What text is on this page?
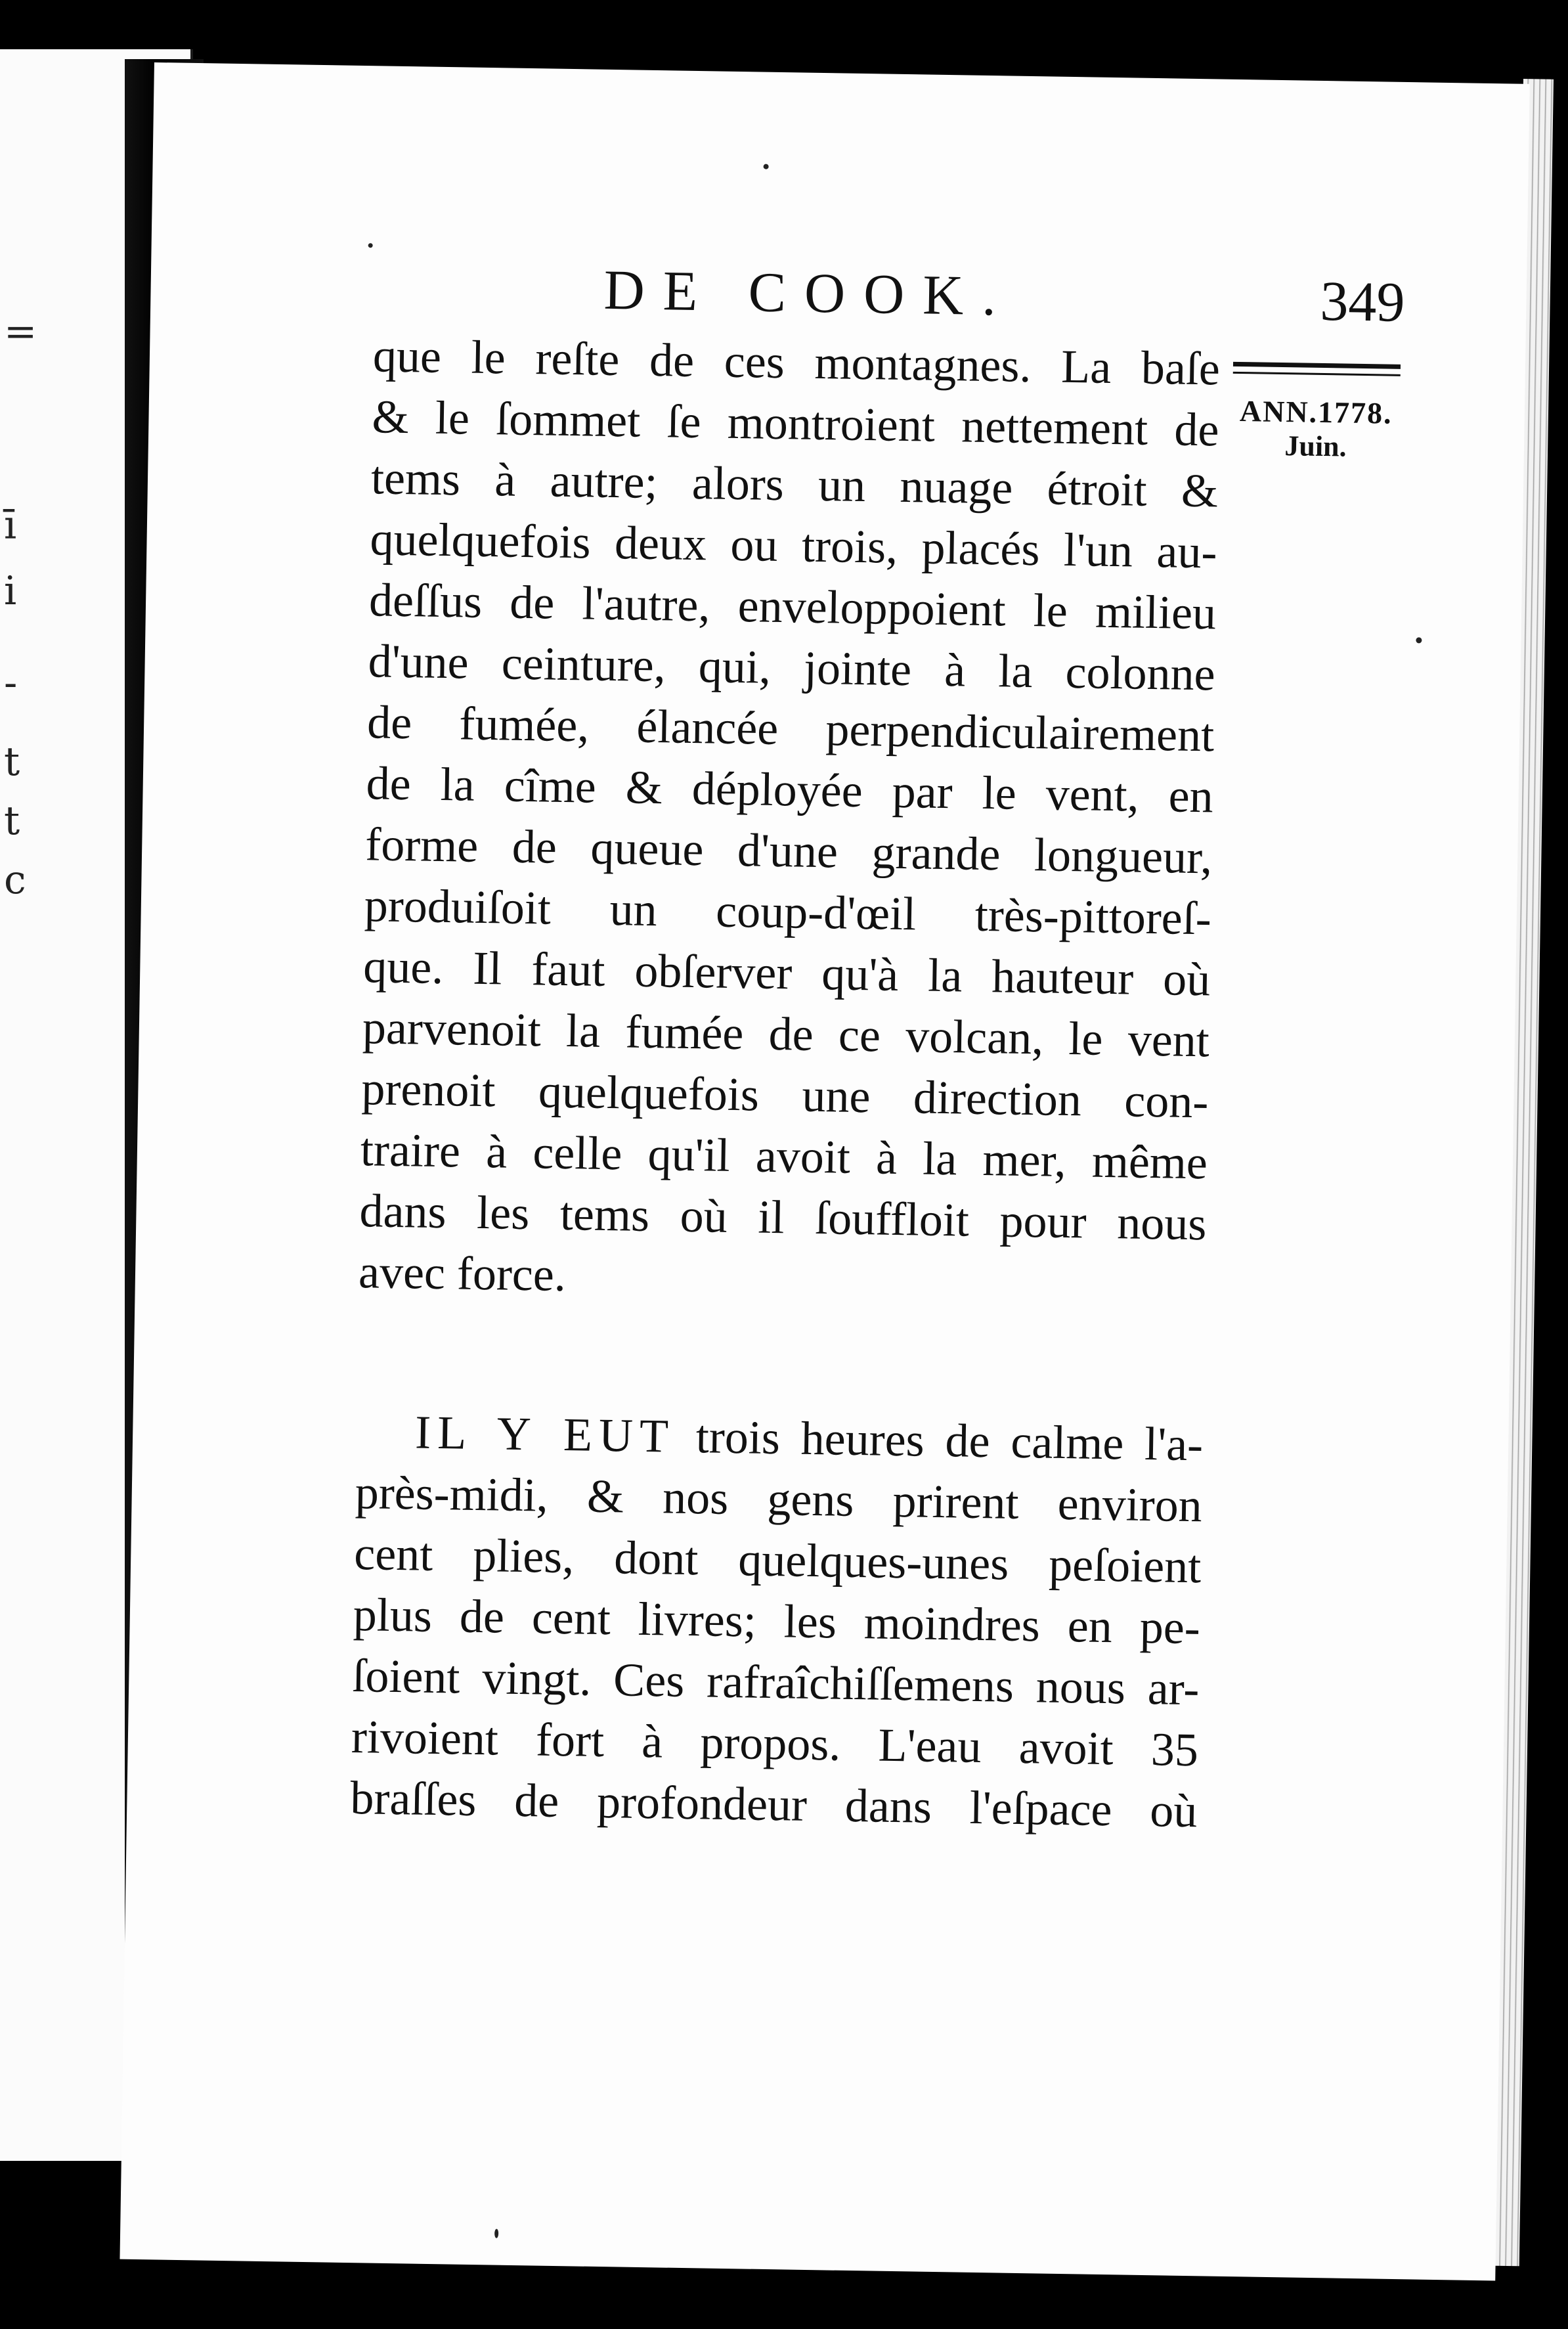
=
ī
i
-
t
t
c
DE COOK.	349
ANN.1778.
Juin.
que le reſte de ces montagnes. La baſe
& le ſommet ſe montroient nettement de
tems à autre; alors un nuage étroit &
quelquefois deux ou trois, placés l'un au-
deſſus de l'autre, enveloppoient le milieu
d'une ceinture, qui, jointe à la colonne
de fumée, élancée perpendiculairement
de la cîme & déployée par le vent, en
forme de queue d'une grande longueur,
produiſoit un coup-d'œil très-pittoreſ-
que. Il faut obſerver qu'à la hauteur où
parvenoit la fumée de ce volcan, le vent
prenoit quelquefois une direction con-
traire à celle qu'il avoit à la mer, même
dans les tems où il ſouffloit pour nous
avec force.
IL Y EUT trois heures de calme l'a-
près-midi, & nos gens prirent environ
cent plies, dont quelques-unes peſoient
plus de cent livres; les moindres en pe-
ſoient vingt. Ces rafraîchiſſemens nous ar-
rivoient fort à propos. L'eau avoit 35
braſſes de profondeur dans l'eſpace où
